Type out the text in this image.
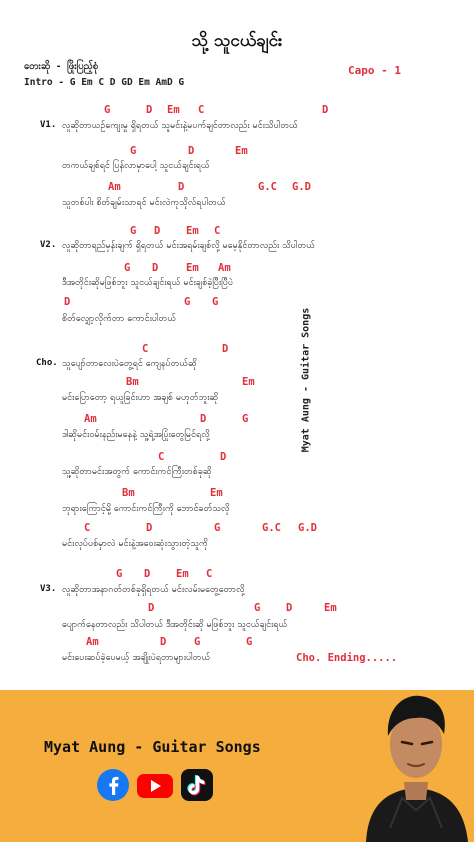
သို့ သူငယ်ချင်း
တေးဆို - ဖြိုးပြည့်စုံ
Intro - G Em C D GD Em AmD G
Capo - 1
G	D Em C	D
G	D	Em
Am	D	G.C G.D
G D Em C
G D	Em Am
D	G G
C	D
Bm	Em
Am	D	G
C	D
Bm	Em
C	D	G	G.C G.D
G D Em C
D	G D	Em
Am	D	G	G
V1. လူဆိုတာယဥ်ကျေးမှု ရှိရတယ် သူမင်းနဲ့မပက်ချင်တာလည်း မင်းသိပါတယ်
တကယ်ချစ်ရင် ပြန်လာမှာပေါ့ သူငယ်ချင်းရယ်
သူတစ်ပါး စိတ်ချမ်းသာရင် မင်းလဲကုသိုလ်ရပါတယ်
V2. လူဆိုတာရည်မှန်းချက် ရှိရတယ် မင်းအရမ်းချစ်လို့ မမေ့နိုင်တာလည်း သိပါတယ်
ဒီအတိုင်းဆိုမဖြစ်ဘူး သူငယ်ချင်းရယ် မင်းချစ်ခဲ့ပြီးပြီပဲ
စိတ်လျှော့လိုက်တာ ကောင်းပါတယ်
Cho. သူပျော်တာလေးပဲတွေ့ရင် ကျေနပ်တယ်ဆို
မင်းပြောတော့ ရယူခြင်းဟာ အချစ် မဟုတ်ဘူးဆို
ဒါဆိုမင်းဝမ်းနည်းမနေနဲ့ သူ့ရဲ့အပြုံးတွေမြင်ရလို့
သူ့ဆိုတာမင်းအတွက် ကောင်းကင်ကြီးတစ်ခုဆို
ဘုရားကြောင့်မို့ ကောင်းကင်ကြီးကို ဘောင်ခတ်သလို
မင်းလုပ်ပစ်မှာလဲ မင်းနဲ့အဝေးဆုံးသွားတဲ့သူကို
V3. လူဆိုတာအနာဂတ်တစ်ခုရှိရတယ် မင်းလမ်းမတွေ့တောလို့
ပျောက်နေတာလည်း သိပါတယ် ဒီအတိုင်းဆို မဖြစ်ဘူး သူငယ်ချင်းရယ်
မင်းပေးဆပ်ခဲ့ပေမယ့် အချိုးပဲရတာများပါတယ်	Cho. Ending.....
Myat Aung - Guitar Songs
Myat Aung - Guitar Songs
